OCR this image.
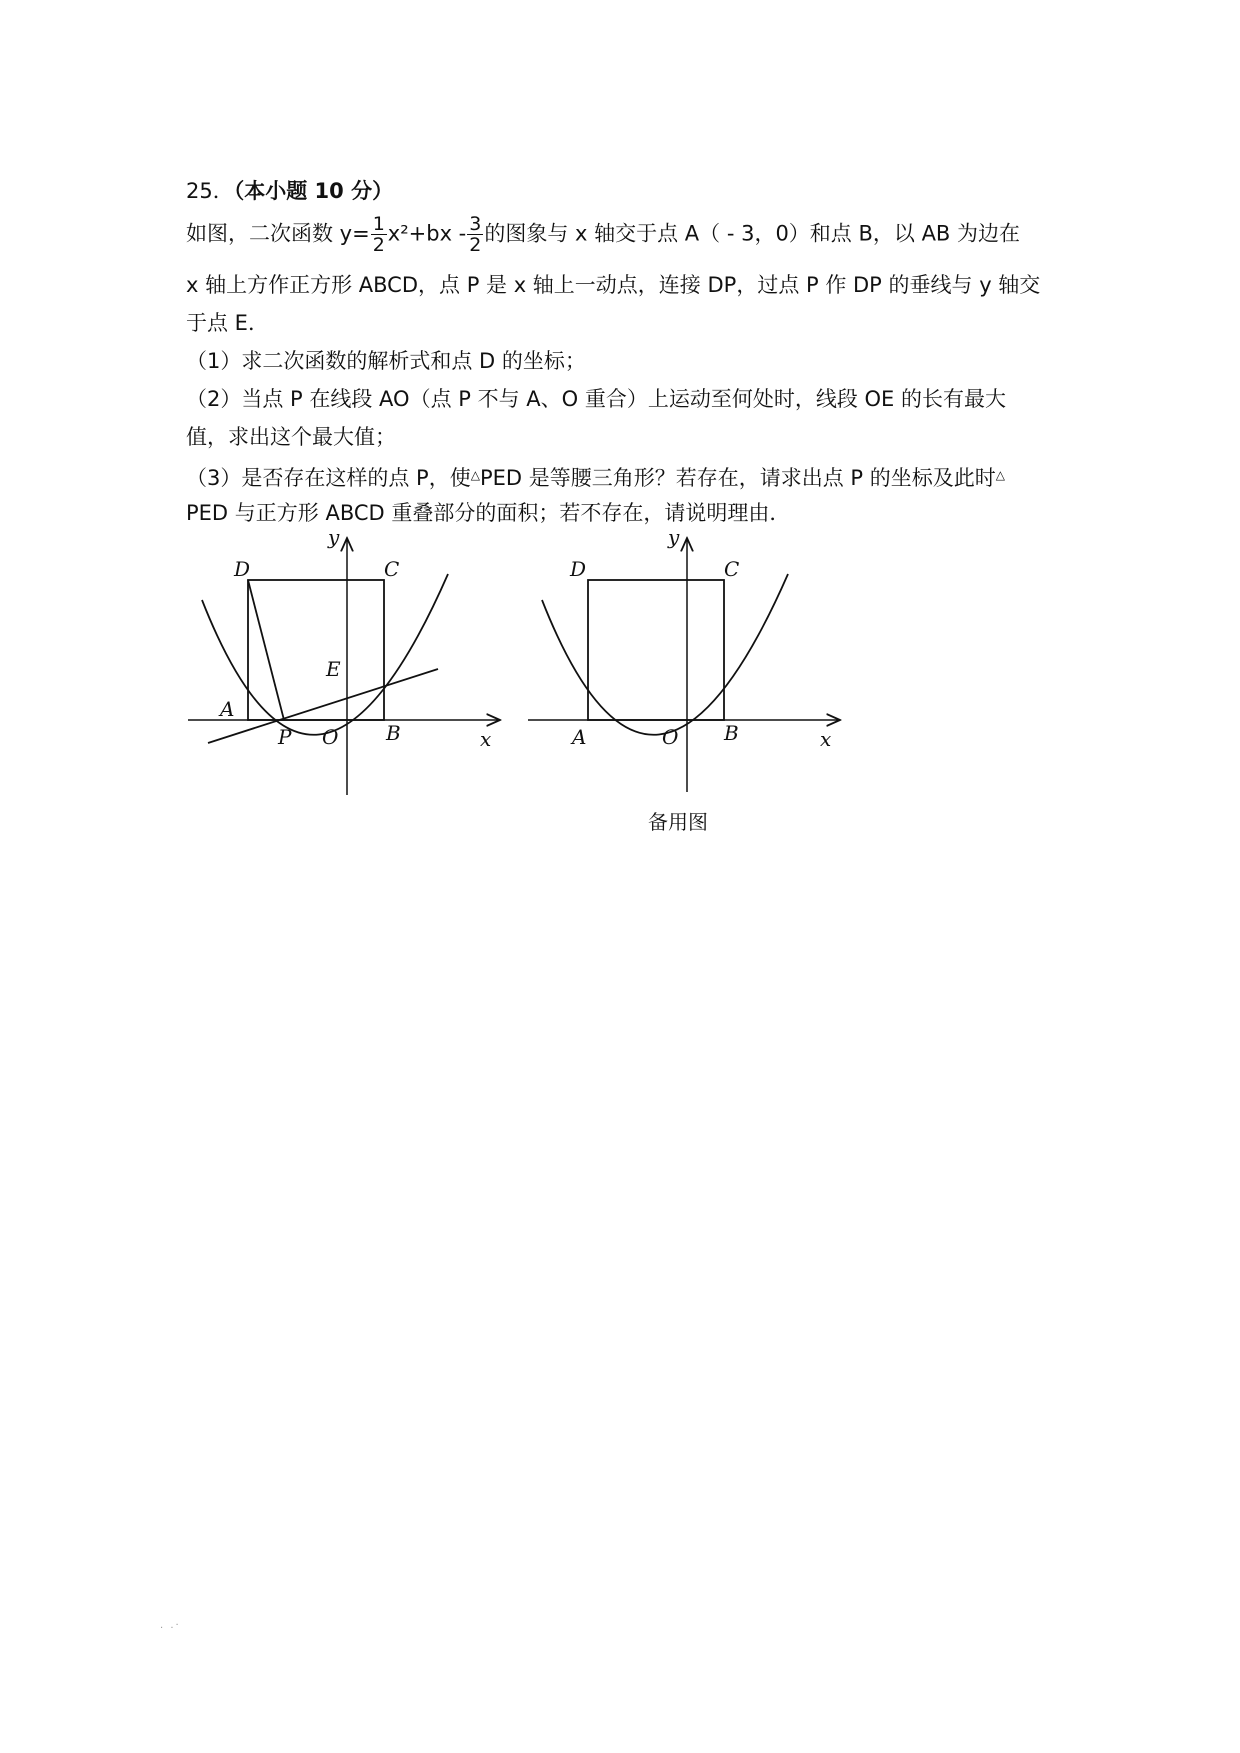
25．（本小题 10 分）
如图，二次函数 $y= \frac{1}{2} x^2+bx - \frac{3}{2}$ 的图象与 x 轴交于点 A（ - 3，0）和点 B，以 AB 为边在
x 轴上方作正方形 ABCD，点 P 是 x 轴上一动点，连接 DP，过点 P 作 DP 的垂线与 y 轴交
于点 E．
（1）求二次函数的解析式和点 D 的坐标；
（2）当点 P 在线段 AO（点 P 不与 A、O 重合）上运动至何处时，线段 OE 的长有最大
值，求出这个最大值；
（3）是否存在这样的点 P，使△PED 是等腰三角形？若存在，请求出点 P 的坐标及此时△
PED 与正方形 ABCD 重叠部分的面积；若不存在，请说明理由．
y
D	C
E
A
P O B	x
y
D	C
A	O B	x
备用图
. .·
